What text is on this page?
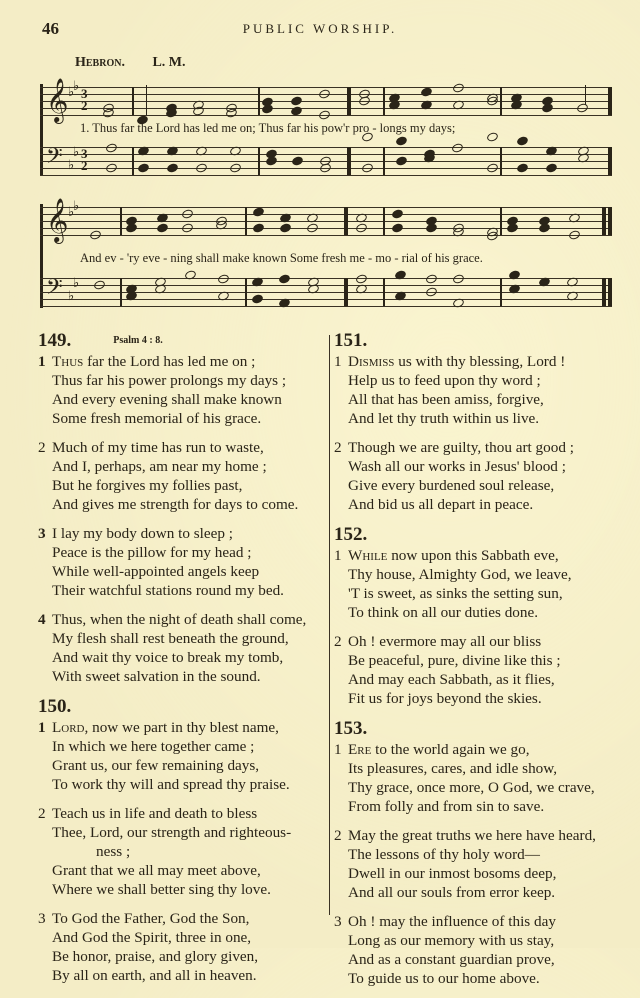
46	PUBLIC WORSHIP.
Hebron. L. M.
𝄞 ♭
♭ 3
2
1. Thus far the Lord has led me on; Thus far his pow'r pro - longs my days;
𝄢 ♭
♭ 3
2
𝄞 ♭
♭
And ev - 'ry eve - ning shall make known Some fresh me - mo - rial of his grace.
𝄢 ♭
♭
149.	Psalm 4 : 8.
1 Thus far the Lord has led me on ;
Thus far his power prolongs my days ;
And every evening shall make known
Some fresh memorial of his grace.
2 Much of my time has run to waste,
And I, perhaps, am near my home ;
But he forgives my follies past,
And gives me strength for days to come.
3 I lay my body down to sleep ;
Peace is the pillow for my head ;
While well-appointed angels keep
Their watchful stations round my bed.
4 Thus, when the night of death shall come,
My flesh shall rest beneath the ground,
And wait thy voice to break my tomb,
With sweet salvation in the sound.
150.
1 Lord, now we part in thy blest name,
In which we here together came ;
Grant us, our few remaining days,
To work thy will and spread thy praise.
2 Teach us in life and death to bless
Thee, Lord, our strength and righteous-
ness ;
Grant that we all may meet above,
Where we shall better sing thy love.
3 To God the Father, God the Son,
And God the Spirit, three in one,
Be honor, praise, and glory given,
By all on earth, and all in heaven.
151.
1 Dismiss us with thy blessing, Lord !
Help us to feed upon thy word ;
All that has been amiss, forgive,
And let thy truth within us live.
2 Though we are guilty, thou art good ;
Wash all our works in Jesus' blood ;
Give every burdened soul release,
And bid us all depart in peace.
152.
1 While now upon this Sabbath eve,
Thy house, Almighty God, we leave,
'T is sweet, as sinks the setting sun,
To think on all our duties done.
2 Oh ! evermore may all our bliss
Be peaceful, pure, divine like this ;
And may each Sabbath, as it flies,
Fit us for joys beyond the skies.
153.
1 Ere to the world again we go,
Its pleasures, cares, and idle show,
Thy grace, once more, O God, we crave,
From folly and from sin to save.
2 May the great truths we here have heard,
The lessons of thy holy word—
Dwell in our inmost bosoms deep,
And all our souls from error keep.
3 Oh ! may the influence of this day
Long as our memory with us stay,
And as a constant guardian prove,
To guide us to our home above.
